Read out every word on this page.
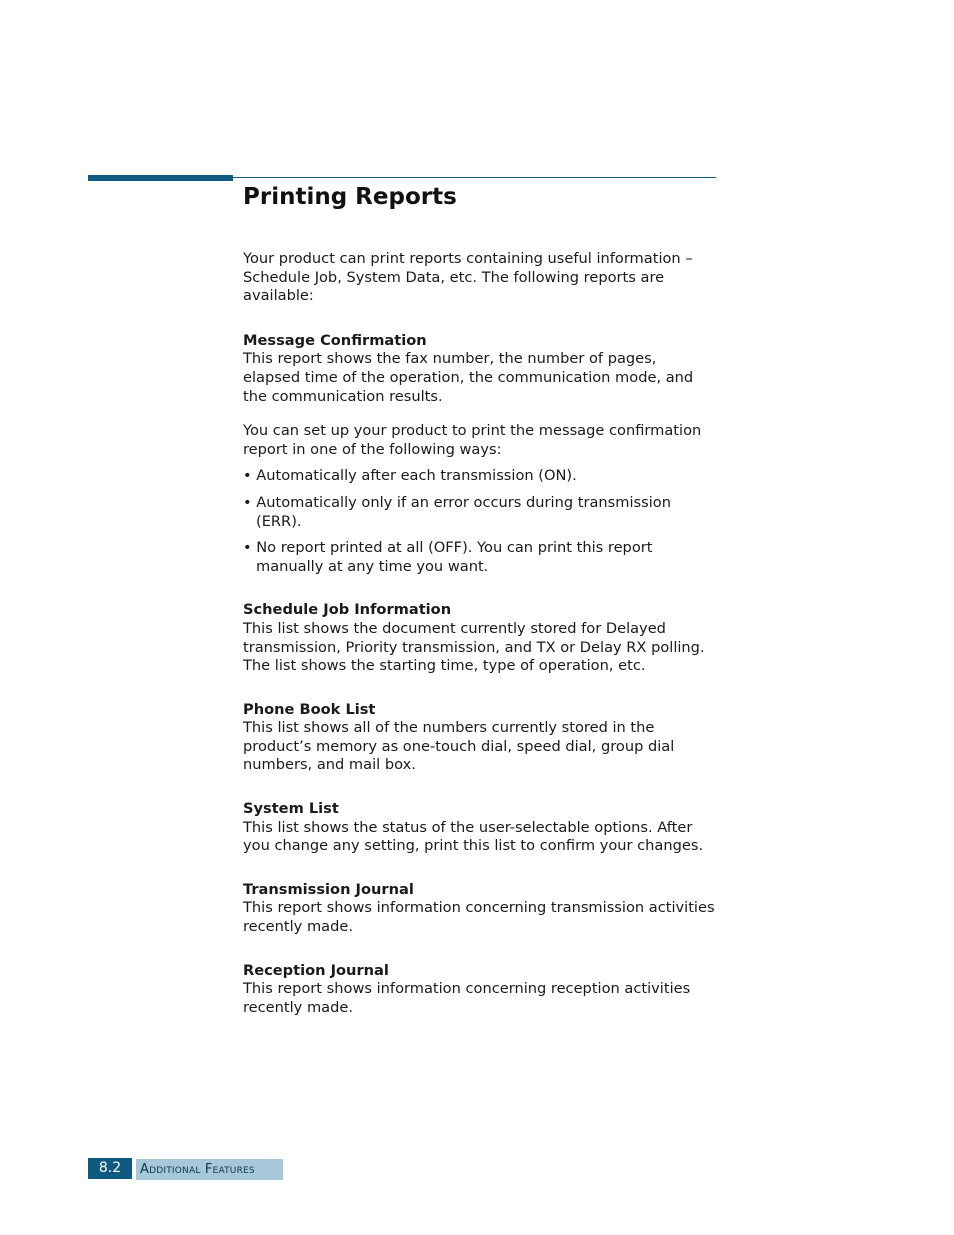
Printing Reports

Your product can print reports containing useful information – Schedule Job, System Data, etc. The following reports are available:

Message Confirmation

This report shows the fax number, the number of pages, elapsed time of the operation, the communication mode, and the communication results.

You can set up your product to print the message confirmation report in one of the following ways:

• Automatically after each transmission (ON).
• Automatically only if an error occurs during transmission (ERR).
• No report printed at all (OFF). You can print this report manually at any time you want.

Schedule Job Information

This list shows the document currently stored for Delayed transmission, Priority transmission, and TX or Delay RX polling. The list shows the starting time, type of operation, etc.

Phone Book List

This list shows all of the numbers currently stored in the product’s memory as one-touch dial, speed dial, group dial numbers, and mail box.

System List

This list shows the status of the user-selectable options. After you change any setting, print this list to confirm your changes.

Transmission Journal

This report shows information concerning transmission activities recently made.

Reception Journal

This report shows information concerning reception activities recently made.

8.2	Additional Features
